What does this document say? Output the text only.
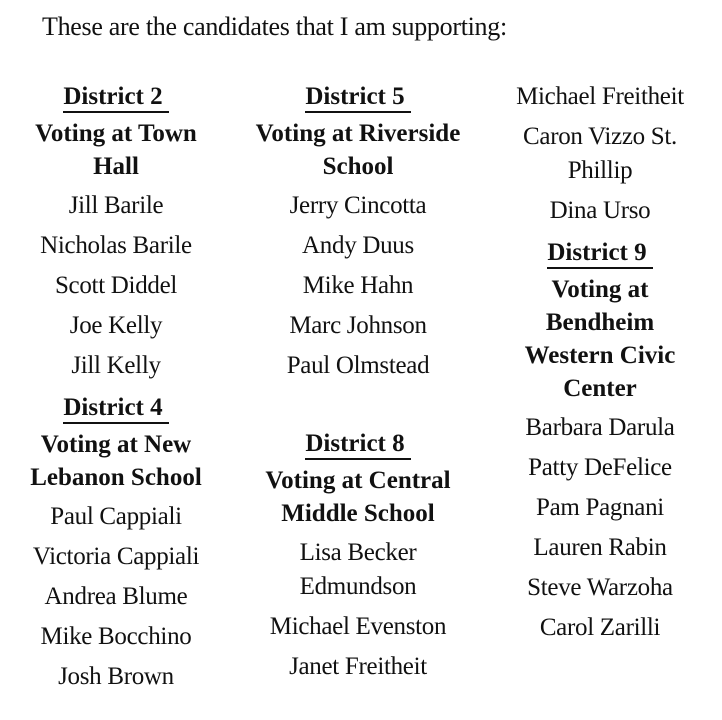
These are the candidates that I am supporting:
District 2
Voting at Town Hall
Jill Barile
Nicholas Barile
Scott Diddel
Joe Kelly
Jill Kelly
District 4
Voting at New Lebanon School
Paul Cappiali
Victoria Cappiali
Andrea Blume
Mike Bocchino
Josh Brown
District 5
Voting at Riverside School
Jerry Cincotta
Andy Duus
Mike Hahn
Marc Johnson
Paul Olmstead
District 8
Voting at Central Middle School
Lisa Becker Edmundson
Michael Evenston
Janet Freitheit
Michael Freitheit
Caron Vizzo St. Phillip
Dina Urso
District 9
Voting at Bendheim Western Civic Center
Barbara Darula
Patty DeFelice
Pam Pagnani
Lauren Rabin
Steve Warzoha
Carol Zarilli
